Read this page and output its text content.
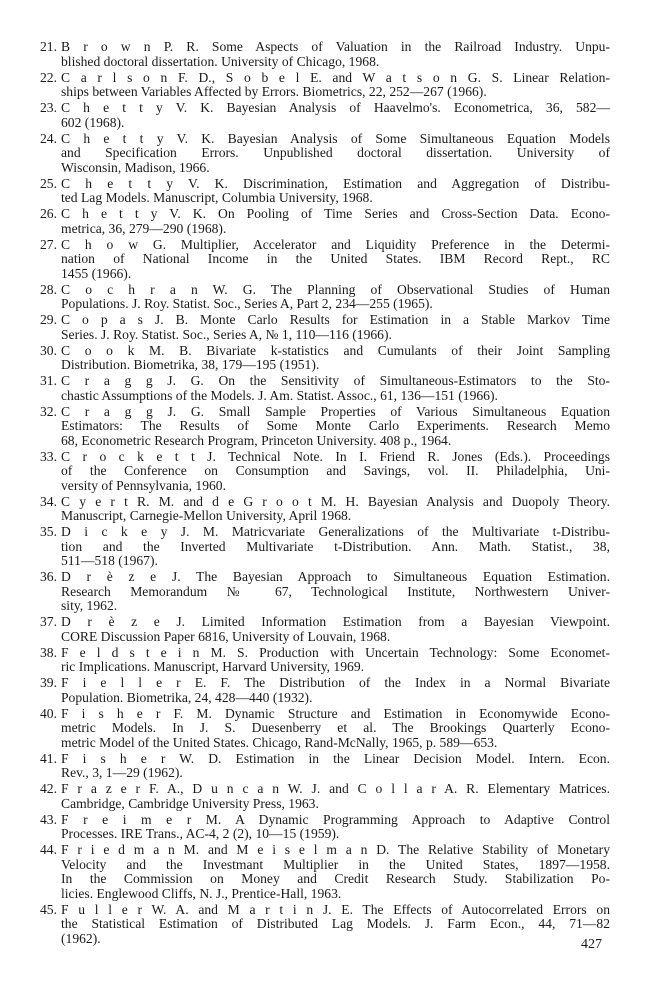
21. B r o w n P. R. Some Aspects of Valuation in the Railroad Industry. Unpu-

blished doctoral dissertation. University of Chicago, 1968.

22. C a r l s o n F. D., S o b e l E. and W a t s o n G. S. Linear Relation-

ships between Variables Affected by Errors. Biometrics, 22, 252—267 (1966).

23. C h e t t y V. K. Bayesian Analysis of Haavelmo's. Econometrica, 36, 582—

602 (1968).

24. C h e t t y V. K. Bayesian Analysis of Some Simultaneous Equation Models

and Specification Errors. Unpublished doctoral dissertation. University of

Wisconsin, Madison, 1966.

25. C h e t t y V. K. Discrimination, Estimation and Aggregation of Distribu-

ted Lag Models. Manuscript, Columbia University, 1968.

26. C h e t t y V. K. On Pooling of Time Series and Cross-Section Data. Econo-

metrica, 36, 279—290 (1968).

27. C h o w G. Multiplier, Accelerator and Liquidity Preference in the Determi-

nation of National Income in the United States. IBM Record Rept., RC

1455 (1966).

28. C o c h r a n W. G. The Planning of Observational Studies of Human

Populations. J. Roy. Statist. Soc., Series A, Part 2, 234—255 (1965).

29. C o p a s J. B. Monte Carlo Results for Estimation in a Stable Markov Time

Series. J. Roy. Statist. Soc., Series A, № 1, 110—116 (1966).

30. C o o k M. B. Bivariate k-statistics and Cumulants of their Joint Sampling

Distribution. Biometrika, 38, 179—195 (1951).

31. C r a g g J. G. On the Sensitivity of Simultaneous-Estimators to the Sto-

chastic Assumptions of the Models. J. Am. Statist. Assoc., 61, 136—151 (1966).

32. C r a g g J. G. Small Sample Properties of Various Simultaneous Equation

Estimators: The Results of Some Monte Carlo Experiments. Research Memo

68, Econometric Research Program, Princeton University. 408 p., 1964.

33. C r o c k e t t J. Technical Note. In I. Friend R. Jones (Eds.). Proceedings

of the Conference on Consumption and Savings, vol. II. Philadelphia, Uni-

versity of Pennsylvania, 1960.

34. C y e r t R. M. and d e G r o o t M. H. Bayesian Analysis and Duopoly Theory.

Manuscript, Carnegie-Mellon University, April 1968.

35. D i c k e y J. M. Matricvariate Generalizations of the Multivariate t-Distribu-

tion and the Inverted Multivariate t-Distribution. Ann. Math. Statist., 38,

511—518 (1967).

36. D r è z e J. The Bayesian Approach to Simultaneous Equation Estimation.

Research Memorandum № 67, Technological Institute, Northwestern Univer-

sity, 1962.

37. D r è z e J. Limited Information Estimation from a Bayesian Viewpoint.

CORE Discussion Paper 6816, University of Louvain, 1968.

38. F e l d s t e i n M. S. Production with Uncertain Technology: Some Economet-

ric Implications. Manuscript, Harvard University, 1969.

39. F i e l l e r E. F. The Distribution of the Index in a Normal Bivariate

Population. Biometrika, 24, 428—440 (1932).

40. F i s h e r F. M. Dynamic Structure and Estimation in Economywide Econo-

metric Models. In J. S. Duesenberry et al. The Brookings Quarterly Econo-

metric Model of the United States. Chicago, Rand-McNally, 1965, p. 589—653.

41. F i s h e r W. D. Estimation in the Linear Decision Model. Intern. Econ.

Rev., 3, 1—29 (1962).

42. F r a z e r F. A., D u n c a n W. J. and C o l l a r A. R. Elementary Matrices.

Cambridge, Cambridge University Press, 1963.

43. F r e i m e r M. A Dynamic Programming Approach to Adaptive Control

Processes. IRE Trans., AC-4, 2 (2), 10—15 (1959).

44. F r i e d m a n M. and M e i s e l m a n D. The Relative Stability of Monetary

Velocity and the Investmant Multiplier in the United States, 1897—1958.

In the Commission on Money and Credit Research Study. Stabilization Po-

licies. Englewood Cliffs, N. J., Prentice-Hall, 1963.

45. F u l l e r W. A. and M a r t i n J. E. The Effects of Autocorrelated Errors on

the Statistical Estimation of Distributed Lag Models. J. Farm Econ., 44, 71—82

(1962).	427
